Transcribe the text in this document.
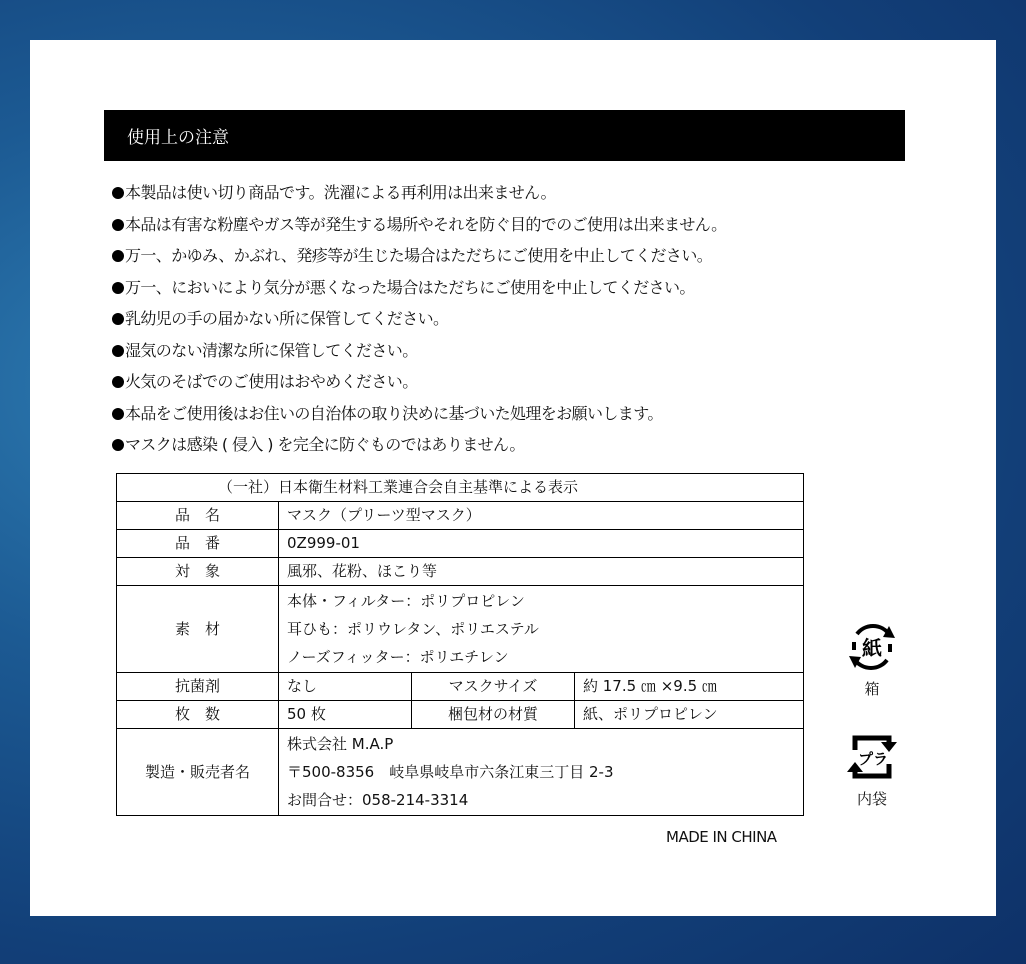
使用上の注意
本製品は使い切り商品です。洗濯による再利用は出来ません。
本品は有害な粉塵やガス等が発生する場所やそれを防ぐ目的でのご使用は出来ません。
万一、かゆみ、かぶれ、発疹等が生じた場合はただちにご使用を中止してください。
万一、においにより気分が悪くなった場合はただちにご使用を中止してください。
乳幼児の手の届かない所に保管してください。
湿気のない清潔な所に保管してください。
火気のそばでのご使用はおやめください。
本品をご使用後はお住いの自治体の取り決めに基づいた処理をお願いします。
マスクは感染 ( 侵入 ) を完全に防ぐものではありません。
（一社）日本衛生材料工業連合会自主基準による表示			
品　名	マスク（プリーツ型マスク）		
品　番	0Z999-01		
対　象	風邪、花粉、ほこり等		
素　材	本体・フィルター：ポリプロピレン
耳ひも：ポリウレタン、ポリエステル
ノーズフィッター：ポリエチレン		

抗菌剤	なし	マスクサイズ	約 17.5 ㎝ ×9.5 ㎝
枚　数	50 枚	梱包材の材質	紙、ポリプロピレン
製造・販売者名	株式会社 M.A.P
〒500-8356　岐阜県岐阜市六条江東三丁目 2-3
お問合せ：058-214-3314		
MADE IN CHINA
紙
箱
プラ
内袋
